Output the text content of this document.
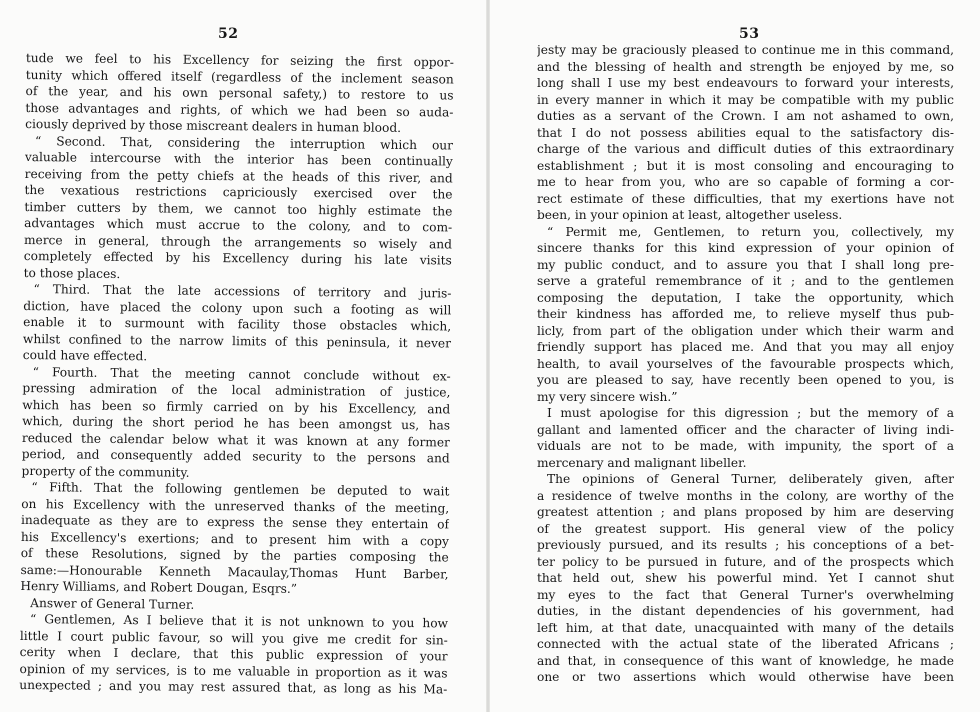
52
tude we feel to his Excellency for seizing the first oppor-
tunity which offered itself (regardless of the inclement season
of the year, and his own personal safety,) to restore to us
those advantages and rights, of which we had been so auda-
ciously deprived by those miscreant dealers in human blood.
“ Second. That, considering the interruption which our
valuable intercourse with the interior has been continually
receiving from the petty chiefs at the heads of this river, and
the vexatious restrictions capriciously exercised over the
timber cutters by them, we cannot too highly estimate the
advantages which must accrue to the colony, and to com-
merce in general, through the arrangements so wisely and
completely effected by his Excellency during his late visits
to those places.
“ Third. That the late accessions of territory and juris-
diction, have placed the colony upon such a footing as will
enable it to surmount with facility those obstacles which,
whilst confined to the narrow limits of this peninsula, it never
could have effected.
“ Fourth. That the meeting cannot conclude without ex-
pressing admiration of the local administration of justice,
which has been so firmly carried on by his Excellency, and
which, during the short period he has been amongst us, has
reduced the calendar below what it was known at any former
period, and consequently added security to the persons and
property of the community.
“ Fifth. That the following gentlemen be deputed to wait
on his Excellency with the unreserved thanks of the meeting,
inadequate as they are to express the sense they entertain of
his Excellency's exertions; and to present him with a copy
of these Resolutions, signed by the parties composing the
same:—Honourable Kenneth Macaulay,Thomas Hunt Barber,
Henry Williams, and Robert Dougan, Esqrs.”
Answer of General Turner.
“ Gentlemen, As I believe that it is not unknown to you how
little I court public favour, so will you give me credit for sin-
cerity when I declare, that this public expression of your
opinion of my services, is to me valuable in proportion as it was
unexpected ; and you may rest assured that, as long as his Ma-
53
jesty may be graciously pleased to continue me in this command,
and the blessing of health and strength be enjoyed by me, so
long shall I use my best endeavours to forward your interests,
in every manner in which it may be compatible with my public
duties as a servant of the Crown. I am not ashamed to own,
that I do not possess abilities equal to the satisfactory dis-
charge of the various and difficult duties of this extraordinary
establishment ; but it is most consoling and encouraging to
me to hear from you, who are so capable of forming a cor-
rect estimate of these difficulties, that my exertions have not
been, in your opinion at least, altogether useless.
“ Permit me, Gentlemen, to return you, collectively, my
sincere thanks for this kind expression of your opinion of
my public conduct, and to assure you that I shall long pre-
serve a grateful remembrance of it ; and to the gentlemen
composing the deputation, I take the opportunity, which
their kindness has afforded me, to relieve myself thus pub-
licly, from part of the obligation under which their warm and
friendly support has placed me. And that you may all enjoy
health, to avail yourselves of the favourable prospects which,
you are pleased to say, have recently been opened to you, is
my very sincere wish.”
I must apologise for this digression ; but the memory of a
gallant and lamented officer and the character of living indi-
viduals are not to be made, with impunity, the sport of a
mercenary and malignant libeller.
The opinions of General Turner, deliberately given, after
a residence of twelve months in the colony, are worthy of the
greatest attention ; and plans proposed by him are deserving
of the greatest support. His general view of the policy
previously pursued, and its results ; his conceptions of a bet-
ter policy to be pursued in future, and of the prospects which
that held out, shew his powerful mind. Yet I cannot shut
my eyes to the fact that General Turner's overwhelming
duties, in the distant dependencies of his government, had
left him, at that date, unacquainted with many of the details
connected with the actual state of the liberated Africans ;
and that, in consequence of this want of knowledge, he made
one or two assertions which would otherwise have been
